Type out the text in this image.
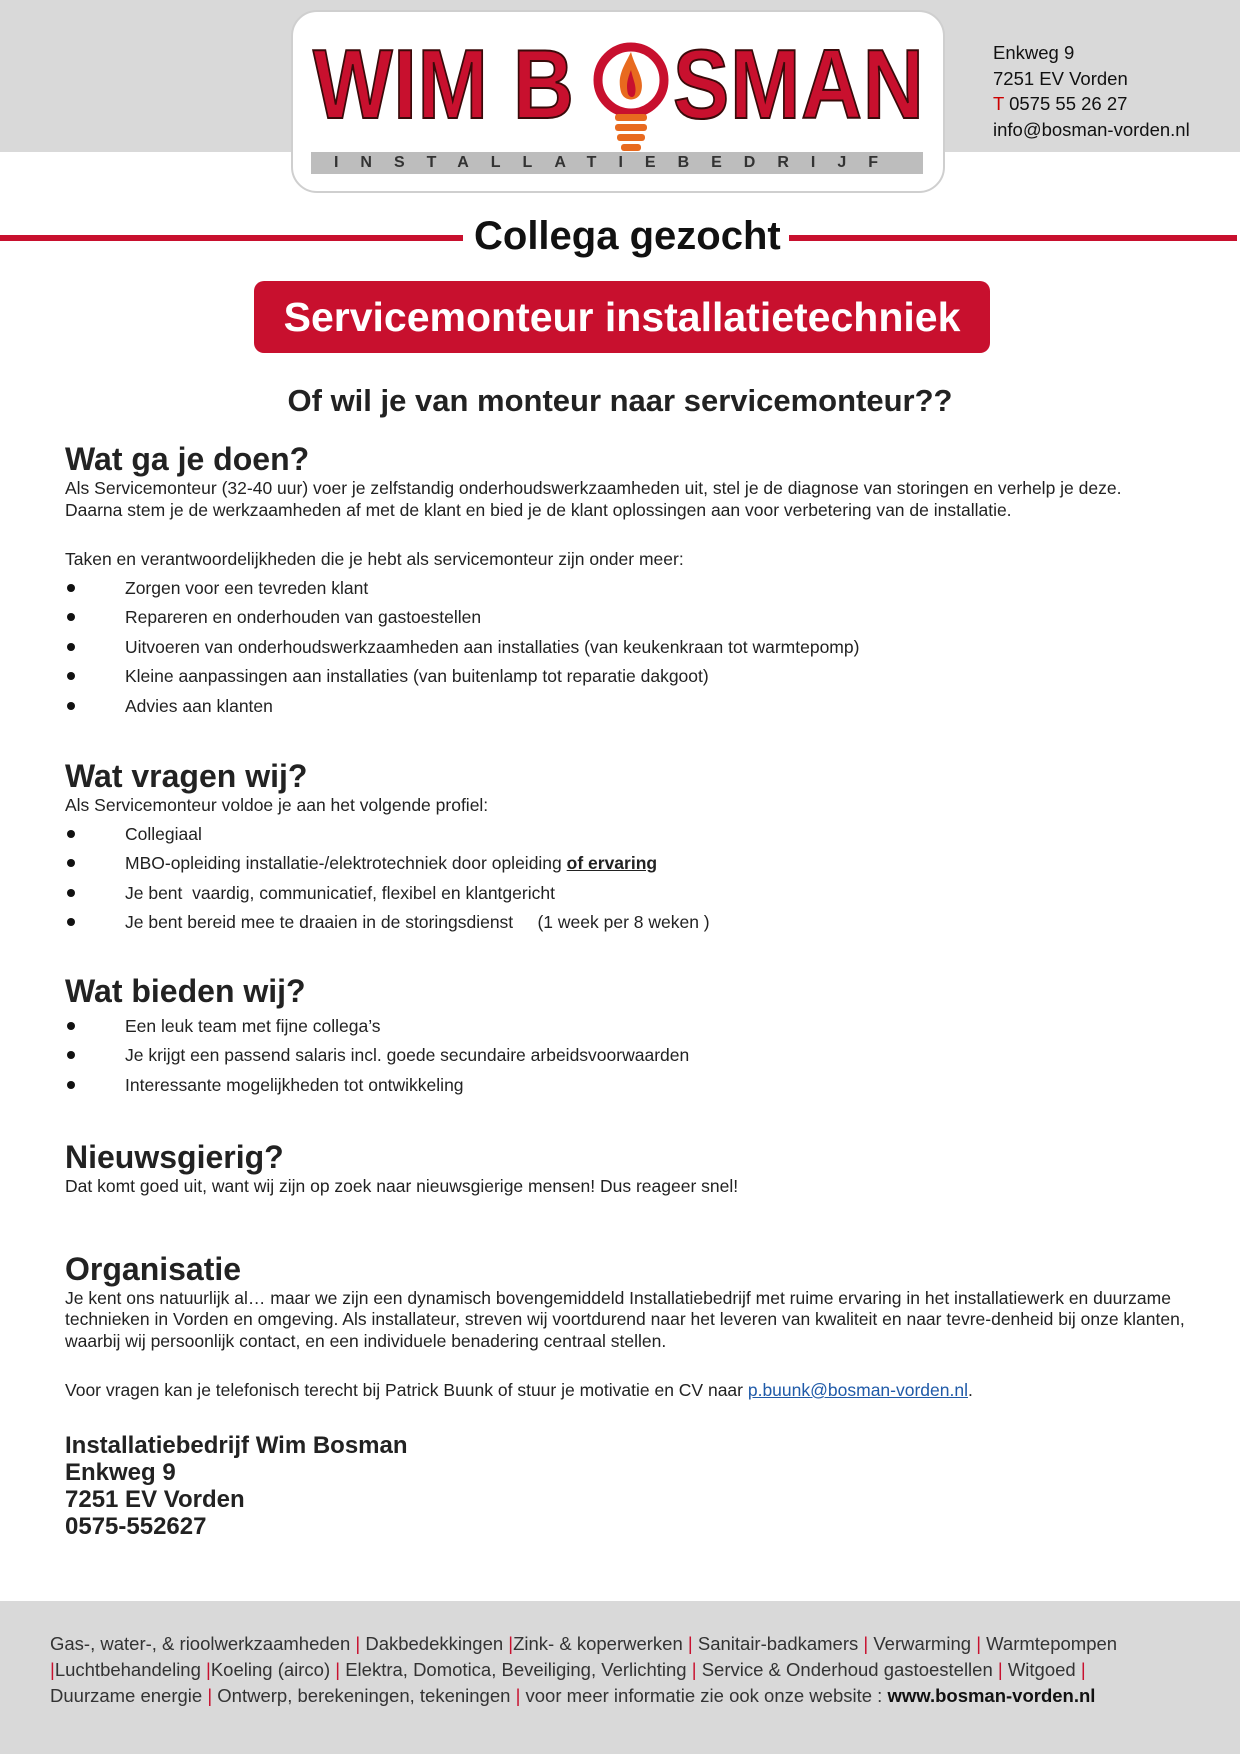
WIM B SMAN
INSTALLATIEBEDRIJF
Enkweg 9
7251 EV Vorden
T 0575 55 26 27
info@bosman-vorden.nl
Collega gezocht
Servicemonteur installatietechniek
Of wil je van monteur naar servicemonteur??
Wat ga je doen?

Als Servicemonteur (32-40 uur) voer je zelfstandig onderhoudswerkzaamheden uit, stel je de diagnose van storingen en verhelp je deze.

Daarna stem je de werkzaamheden af met de klant en bied je de klant oplossingen aan voor verbetering van de installatie.

Taken en verantwoordelijkheden die je hebt als servicemonteur zijn onder meer:

Zorgen voor een tevreden klant
Repareren en onderhouden van gastoestellen
Uitvoeren van onderhoudswerkzaamheden aan installaties (van keukenkraan tot warmtepomp)
Kleine aanpassingen aan installaties (van buitenlamp tot reparatie dakgoot)
Advies aan klanten
Wat vragen wij?

Als Servicemonteur voldoe je aan het volgende profiel:

Collegiaal
MBO-opleiding installatie-/elektrotechniek door opleiding of ervaring
Je bent  vaardig, communicatief, flexibel en klantgericht
Je bent bereid mee te draaien in de storingsdienst     (1 week per 8 weken )
Wat bieden wij?
Een leuk team met fijne collega’s
Je krijgt een passend salaris incl. goede secundaire arbeidsvoorwaarden
Interessante mogelijkheden tot ontwikkeling
Nieuwsgierig?

Dat komt goed uit, want wij zijn op zoek naar nieuwsgierige mensen! Dus reageer snel!

Organisatie

Je kent ons natuurlijk al… maar we zijn een dynamisch bovengemiddeld Installatiebedrijf met ruime ervaring in het installatiewerk en duurzame technieken in Vorden en omgeving. Als installateur, streven wij voortdurend naar het leveren van kwaliteit en naar tevre-denheid bij onze klanten, waarbij wij persoonlijk contact, en een individuele benadering centraal stellen.

Voor vragen kan je telefonisch terecht bij Patrick Buunk of stuur je motivatie en CV naar p.buunk@bosman-vorden.nl.

Installatiebedrijf Wim Bosman

Enkweg 9

7251 EV Vorden

0575-552627

Gas-, water-, & rioolwerkzaamheden | Dakbedekkingen |Zink- & koperwerken | Sanitair-badkamers | Verwarming | Warmtepompen
|Luchtbehandeling |Koeling (airco) | Elektra, Domotica, Beveiliging, Verlichting | Service & Onderhoud gastoestellen | Witgoed |
Duurzame energie | Ontwerp, berekeningen, tekeningen | voor meer informatie zie ook onze website : www.bosman-vorden.nl
